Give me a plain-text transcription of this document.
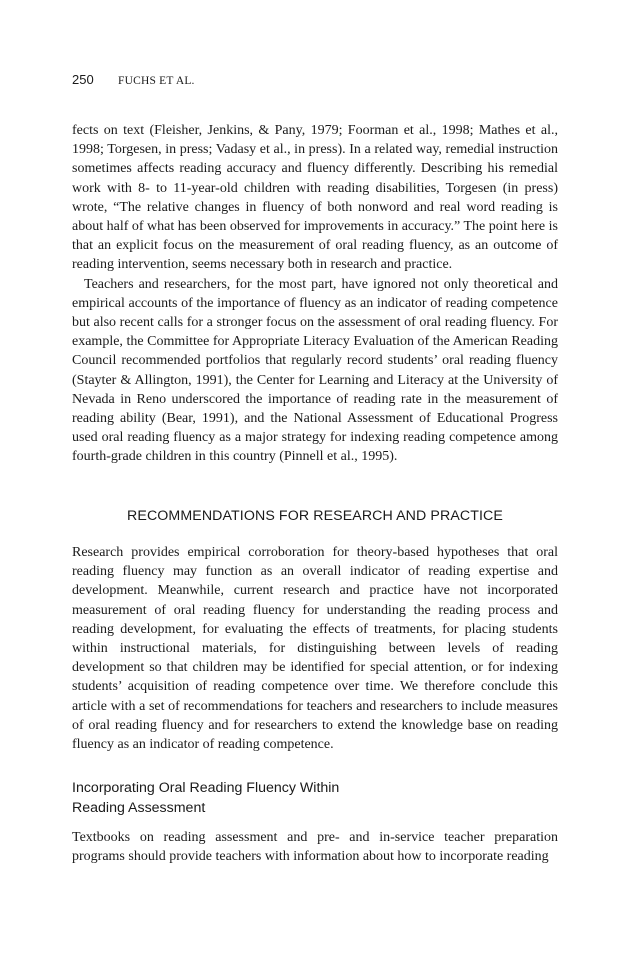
250 FUCHS ET AL.

fects on text (Fleisher, Jenkins, & Pany, 1979; Foorman et al., 1998; Mathes et al., 1998; Torgesen, in press; Vadasy et al., in press). In a related way, remedial instruction sometimes affects reading accuracy and fluency differently. Describing his remedial work with 8- to 11-year-old children with reading disabilities, Torgesen (in press) wrote, “The relative changes in fluency of both nonword and real word reading is about half of what has been observed for improvements in accuracy.” The point here is that an explicit focus on the measurement of oral reading fluency, as an outcome of reading intervention, seems necessary both in research and practice.

Teachers and researchers, for the most part, have ignored not only theoretical and empirical accounts of the importance of fluency as an indicator of reading competence but also recent calls for a stronger focus on the assessment of oral reading fluency. For example, the Committee for Appropriate Literacy Evaluation of the American Reading Council recommended portfolios that regularly record students’ oral reading fluency (Stayter & Allington, 1991), the Center for Learning and Literacy at the University of Nevada in Reno underscored the importance of reading rate in the measurement of reading ability (Bear, 1991), and the National Assessment of Educational Progress used oral reading fluency as a major strategy for indexing reading competence among fourth-grade children in this country (Pinnell et al., 1995).

RECOMMENDATIONS FOR RESEARCH AND PRACTICE

Research provides empirical corroboration for theory-based hypotheses that oral reading fluency may function as an overall indicator of reading expertise and development. Meanwhile, current research and practice have not incorporated measurement of oral reading fluency for understanding the reading process and reading development, for evaluating the effects of treatments, for placing students within instructional materials, for distinguishing between levels of reading development so that children may be identified for special attention, or for indexing students’ acquisition of reading competence over time. We therefore conclude this article with a set of recommendations for teachers and researchers to include measures of oral reading fluency and for researchers to extend the knowledge base on reading fluency as an indicator of reading competence.

Incorporating Oral Reading Fluency Within
Reading Assessment

Textbooks on reading assessment and pre- and in-service teacher preparation programs should provide teachers with information about how to incorporate reading
